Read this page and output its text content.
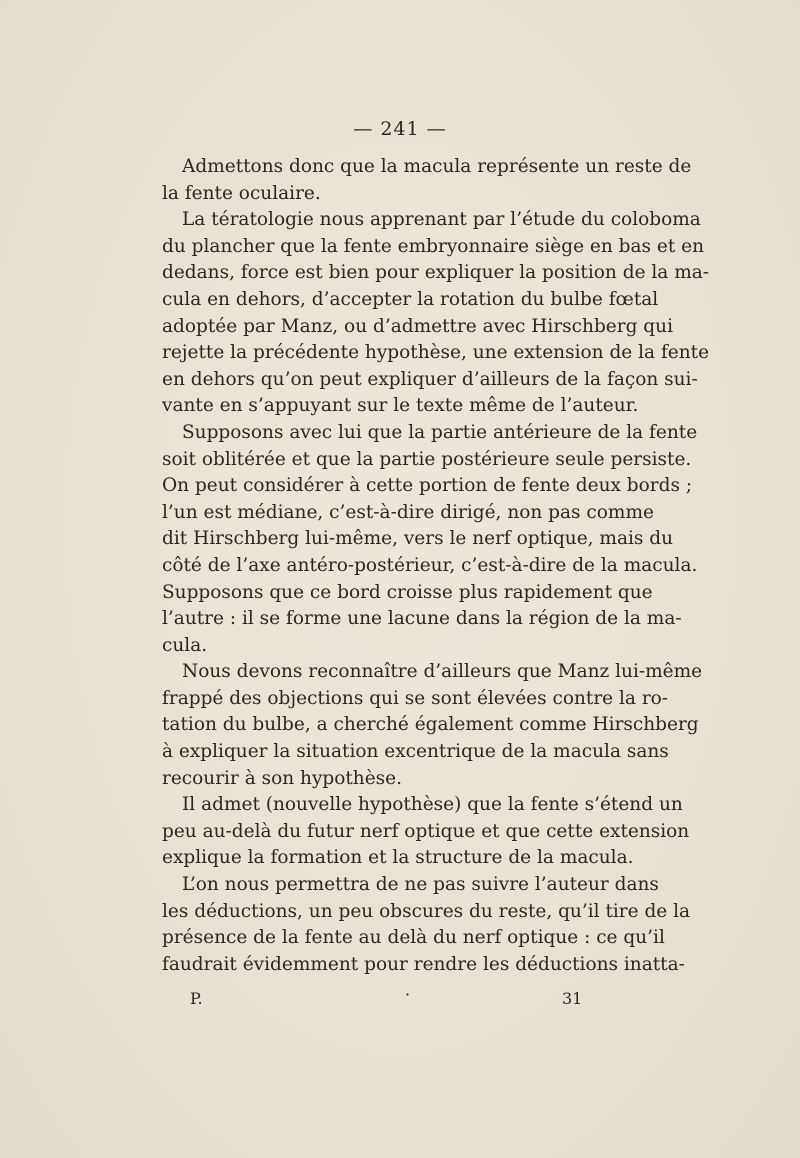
— 241 —
Admettons donc que la macula représente un reste de
la fente oculaire.
La tératologie nous apprenant par l’étude du coloboma
du plancher que la fente embryonnaire siège en bas et en
dedans, force est bien pour expliquer la position de la ma-
cula en dehors, d’accepter la rotation du bulbe fœtal
adoptée par Manz, ou d’admettre avec Hirschberg qui
rejette la précédente hypothèse, une extension de la fente
en dehors qu’on peut expliquer d’ailleurs de la façon sui-
vante en s’appuyant sur le texte même de l’auteur.
Supposons avec lui que la partie antérieure de la fente
soit oblitérée et que la partie postérieure seule persiste.
On peut considérer à cette portion de fente deux bords ;
l’un est médiane, c’est-à-dire dirigé, non pas comme
dit Hirschberg lui-même, vers le nerf optique, mais du
côté de l’axe antéro-postérieur, c’est-à-dire de la macula.
Supposons que ce bord croisse plus rapidement que
l’autre : il se forme une lacune dans la région de la ma-
cula.
Nous devons reconnaître d’ailleurs que Manz lui-même
frappé des objections qui se sont élevées contre la ro-
tation du bulbe, a cherché également comme Hirschberg
à expliquer la situation excentrique de la macula sans
recourir à son hypothèse.
Il admet (nouvelle hypothèse) que la fente s’étend un
peu au-delà du futur nerf optique et que cette extension
explique la formation et la structure de la macula.
L’on nous permettra de ne pas suivre l’auteur dans
les déductions, un peu obscures du reste, qu’il tire de la
présence de la fente au delà du nerf optique : ce qu’il
faudrait évidemment pour rendre les déductions inatta-
P.	·	31
